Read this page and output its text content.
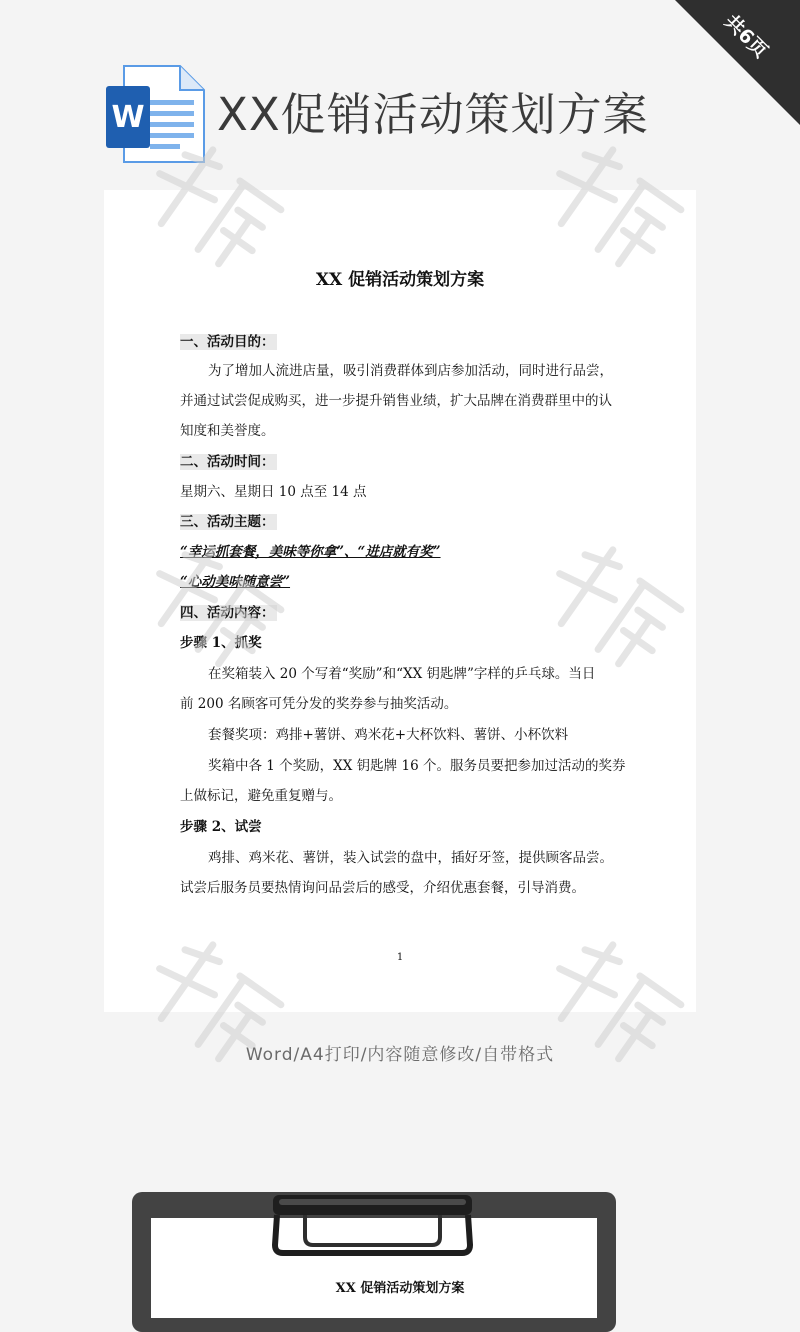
共6页
W XX促销活动策划方案
XX 促销活动策划方案
一、活动目的：
为了增加人流进店量，吸引消费群体到店参加活动，同时进行品尝，
并通过试尝促成购买，进一步提升销售业绩，扩大品牌在消费群里中的认
知度和美誉度。
二、活动时间：
星期六、星期日 10 点至 14 点
三、活动主题：
“幸运抓套餐，美味等你拿”、“进店就有奖”
“心动美味随意尝”
四、活动内容：
步骤 1、抓奖
在奖箱装入 20 个写着“奖励”和“XX 钥匙牌”字样的乒乓球。当日
前 200 名顾客可凭分发的奖券参与抽奖活动。
套餐奖项：鸡排+薯饼、鸡米花+大杯饮料、薯饼、小杯饮料
奖箱中各 1 个奖励，XX 钥匙牌 16 个。服务员要把参加过活动的奖券
上做标记，避免重复赠与。
步骤 2、试尝
鸡排、鸡米花、薯饼，装入试尝的盘中，插好牙签，提供顾客品尝。
试尝后服务员要热情询问品尝后的感受，介绍优惠套餐，引导消费。
1
Word/A4打印/内容随意修改/自带格式
XX 促销活动策划方案
